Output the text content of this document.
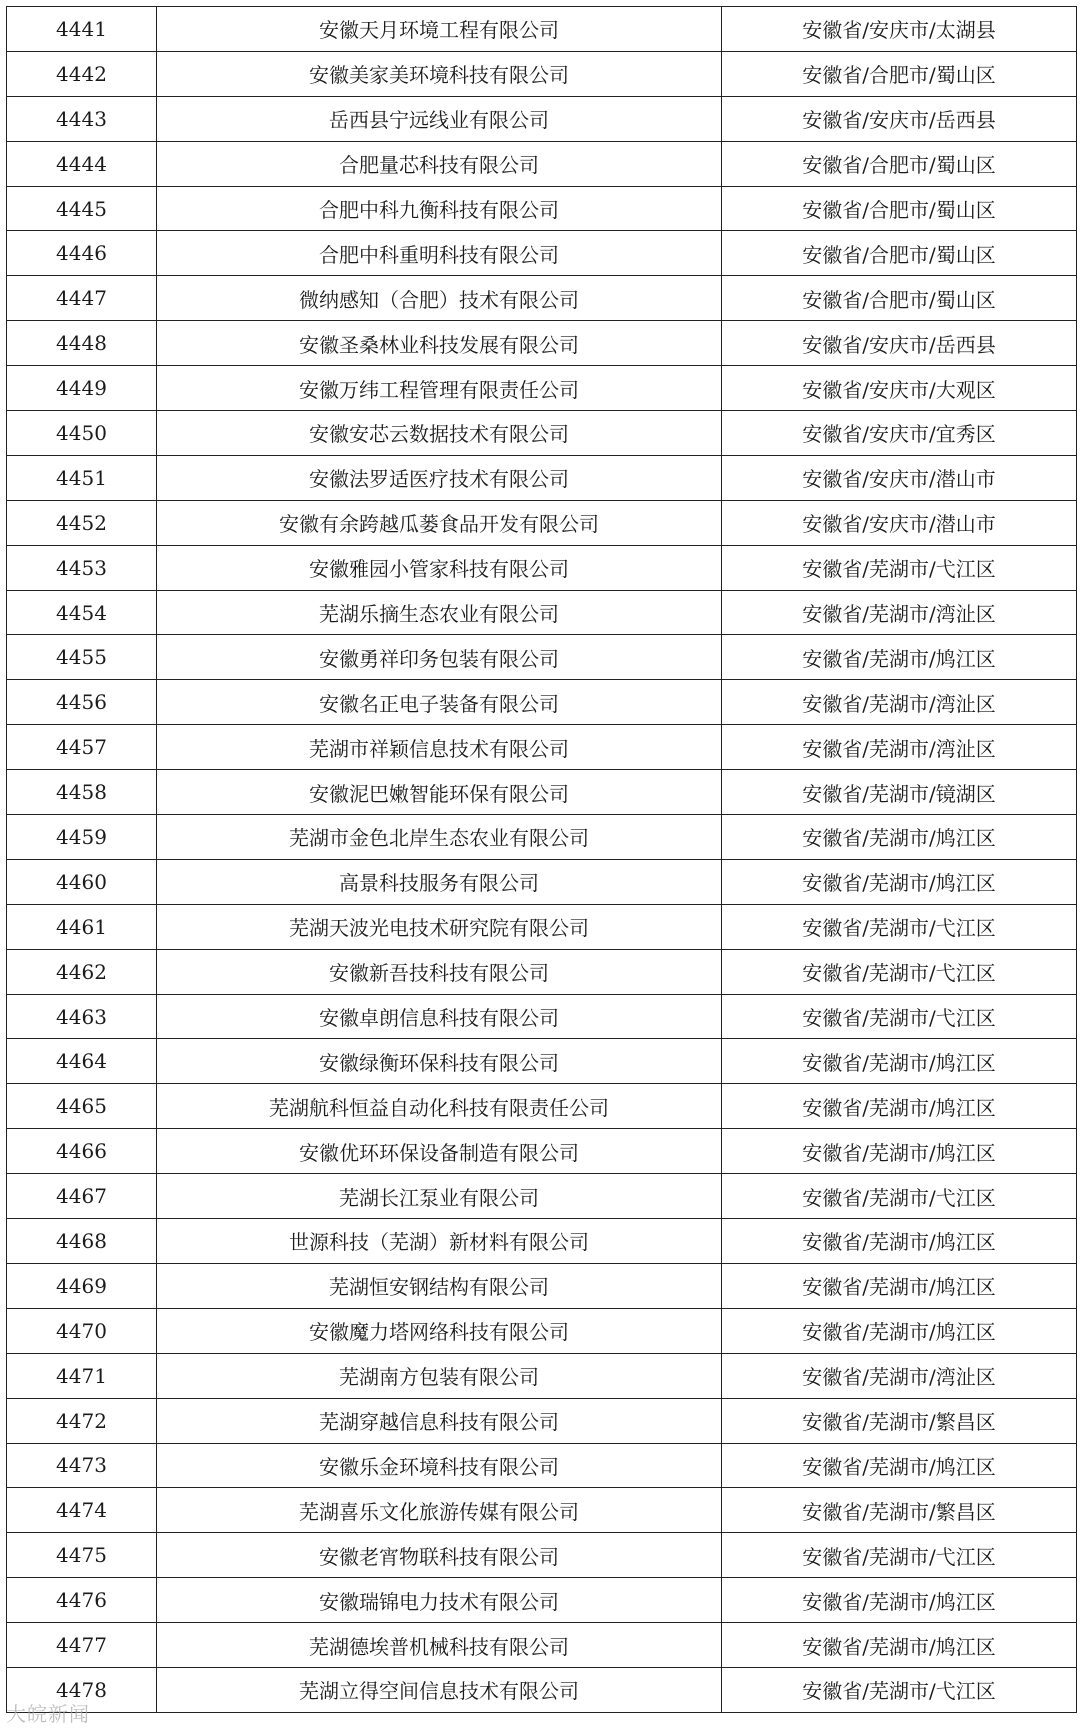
4441	安徽天月环境工程有限公司	安徽省/安庆市/太湖县
4442	安徽美家美环境科技有限公司	安徽省/合肥市/蜀山区
4443	岳西县宁远线业有限公司	安徽省/安庆市/岳西县
4444	合肥量芯科技有限公司	安徽省/合肥市/蜀山区
4445	合肥中科九衡科技有限公司	安徽省/合肥市/蜀山区
4446	合肥中科重明科技有限公司	安徽省/合肥市/蜀山区
4447	微纳感知（合肥）技术有限公司	安徽省/合肥市/蜀山区
4448	安徽圣桑林业科技发展有限公司	安徽省/安庆市/岳西县
4449	安徽万纬工程管理有限责任公司	安徽省/安庆市/大观区
4450	安徽安芯云数据技术有限公司	安徽省/安庆市/宜秀区
4451	安徽法罗适医疗技术有限公司	安徽省/安庆市/潜山市
4452	安徽有余跨越瓜蒌食品开发有限公司	安徽省/安庆市/潜山市
4453	安徽雅园小管家科技有限公司	安徽省/芜湖市/弋江区
4454	芜湖乐摘生态农业有限公司	安徽省/芜湖市/湾沚区
4455	安徽勇祥印务包装有限公司	安徽省/芜湖市/鸠江区
4456	安徽名正电子装备有限公司	安徽省/芜湖市/湾沚区
4457	芜湖市祥颖信息技术有限公司	安徽省/芜湖市/湾沚区
4458	安徽泥巴嫩智能环保有限公司	安徽省/芜湖市/镜湖区
4459	芜湖市金色北岸生态农业有限公司	安徽省/芜湖市/鸠江区
4460	高景科技服务有限公司	安徽省/芜湖市/鸠江区
4461	芜湖天波光电技术研究院有限公司	安徽省/芜湖市/弋江区
4462	安徽新吾技科技有限公司	安徽省/芜湖市/弋江区
4463	安徽卓朗信息科技有限公司	安徽省/芜湖市/弋江区
4464	安徽绿衡环保科技有限公司	安徽省/芜湖市/鸠江区
4465	芜湖航科恒益自动化科技有限责任公司	安徽省/芜湖市/鸠江区
4466	安徽优环环保设备制造有限公司	安徽省/芜湖市/鸠江区
4467	芜湖长江泵业有限公司	安徽省/芜湖市/弋江区
4468	世源科技（芜湖）新材料有限公司	安徽省/芜湖市/鸠江区
4469	芜湖恒安钢结构有限公司	安徽省/芜湖市/鸠江区
4470	安徽魔力塔网络科技有限公司	安徽省/芜湖市/鸠江区
4471	芜湖南方包装有限公司	安徽省/芜湖市/湾沚区
4472	芜湖穿越信息科技有限公司	安徽省/芜湖市/繁昌区
4473	安徽乐金环境科技有限公司	安徽省/芜湖市/鸠江区
4474	芜湖喜乐文化旅游传媒有限公司	安徽省/芜湖市/繁昌区
4475	安徽老宵物联科技有限公司	安徽省/芜湖市/弋江区
4476	安徽瑞锦电力技术有限公司	安徽省/芜湖市/鸠江区
4477	芜湖德埃普机械科技有限公司	安徽省/芜湖市/鸠江区
4478	芜湖立得空间信息技术有限公司	安徽省/芜湖市/弋江区
大皖新闻
